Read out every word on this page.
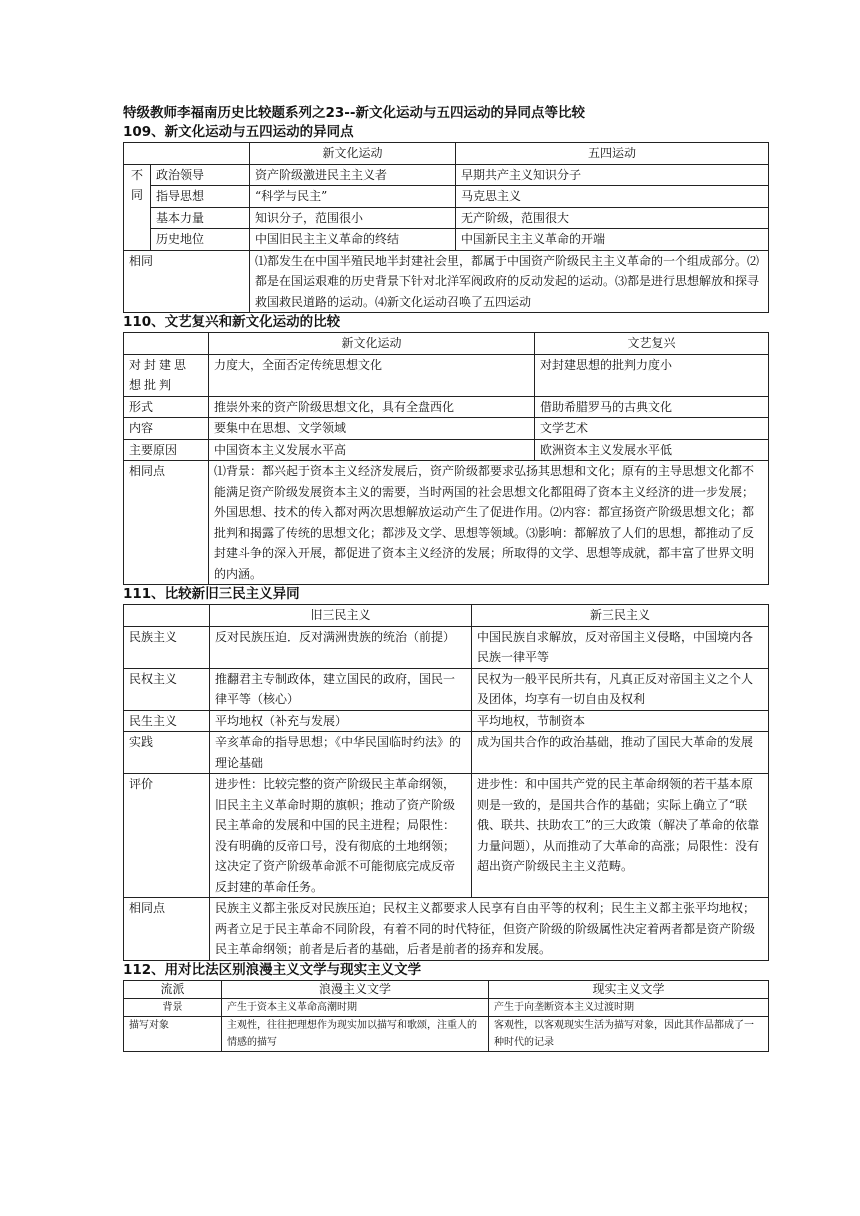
特级教师李福南历史比较题系列之23--新文化运动与五四运动的异同点等比较
109、新文化运动与五四运动的异同点
		新文化运动	五四运动
不同	政治领导	资产阶级激进民主主义者	早期共产主义知识分子
	指导思想	“科学与民主”	马克思主义
	基本力量	知识分子，范围很小	无产阶级，范围很大
	历史地位	中国旧民主主义革命的终结	中国新民主主义革命的开端
相同		⑴都发生在中国半殖民地半封建社会里，都属于中国资产阶级民主主义革命的一个组成部分。⑵都是在国运艰难的历史背景下针对北洋军阀政府的反动发起的运动。⑶都是进行思想解放和探寻救国救民道路的运动。⑷新文化运动召唤了五四运动	
110、文艺复兴和新文化运动的比较
	新文化运动	文艺复兴
对封建思想批判	力度大，全面否定传统思想文化	对封建思想的批判力度小
形式	推崇外来的资产阶级思想文化，具有全盘西化	借助希腊罗马的古典文化
内容	要集中在思想、文学领域	文学艺术
主要原因	中国资本主义发展水平高	欧洲资本主义发展水平低
相同点	⑴背景：都兴起于资本主义经济发展后，资产阶级都要求弘扬其思想和文化；原有的主导思想文化都不能满足资产阶级发展资本主义的需要，当时两国的社会思想文化都阻碍了资本主义经济的进一步发展；外国思想、技术的传入都对两次思想解放运动产生了促进作用。⑵内容：都宣扬资产阶级思想文化；都批判和揭露了传统的思想文化；都涉及文学、思想等领域。⑶影响：都解放了人们的思想，都推动了反封建斗争的深入开展，都促进了资本主义经济的发展；所取得的文学、思想等成就，都丰富了世界文明的内涵。	
111、比较新旧三民主义异同
	旧三民主义	新三民主义
民族主义	反对民族压迫．反对满洲贵族的统治（前提）	中国民族自求解放，反对帝国主义侵略，中国境内各民族一律平等
民权主义	推翻君主专制政体，建立国民的政府，国民一律平等（核心）	民权为一般平民所共有，凡真正反对帝国主义之个人及团体，均享有一切自由及权利
民生主义	平均地权（补充与发展）	平均地权，节制资本
实践	辛亥革命的指导思想；《中华民国临时约法》的理论基础	成为国共合作的政治基础，推动了国民大革命的发展
评价	进步性：比较完整的资产阶级民主革命纲领，旧民主主义革命时期的旗帜；推动了资产阶级民主革命的发展和中国的民主进程；局限性：没有明确的反帝口号，没有彻底的土地纲领；这决定了资产阶级革命派不可能彻底完成反帝反封建的革命任务。	进步性：和中国共产党的民主革命纲领的若干基本原则是一致的，是国共合作的基础；实际上确立了“联俄、联共、扶助农工”的三大政策（解决了革命的依靠力量问题），从而推动了大革命的高涨；局限性：没有超出资产阶级民主主义范畴。
相同点	民族主义都主张反对民族压迫；民权主义都要求人民享有自由平等的权利；民生主义都主张平均地权；两者立足于民主革命不同阶段，有着不同的时代特征，但资产阶级的阶级属性决定着两者都是资产阶级民主革命纲领；前者是后者的基础，后者是前者的扬弃和发展。	
112、用对比法区别浪漫主义文学与现实主义文学
流派	浪漫主义文学	现实主义文学
背景	产生于资本主义革命高潮时期	产生于向垄断资本主义过渡时期
描写对象	主观性，往往把理想作为现实加以描写和歌颂，注重人的情感的描写	客观性，以客观现实生活为描写对象，因此其作品都成了一种时代的记录
